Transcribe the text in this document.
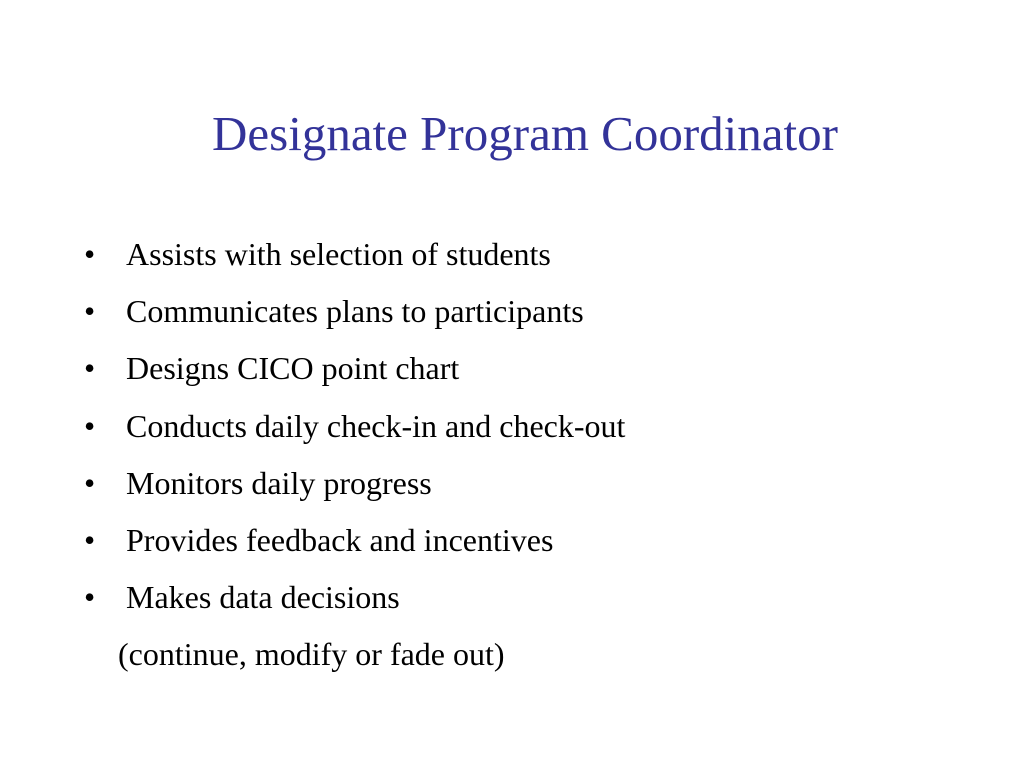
Designate Program Coordinator
• Assists with selection of students
• Communicates plans to participants
• Designs CICO point chart
• Conducts daily check-in and check-out
• Monitors daily progress
• Provides feedback and incentives
• Makes data decisions
(continue, modify or fade out)
